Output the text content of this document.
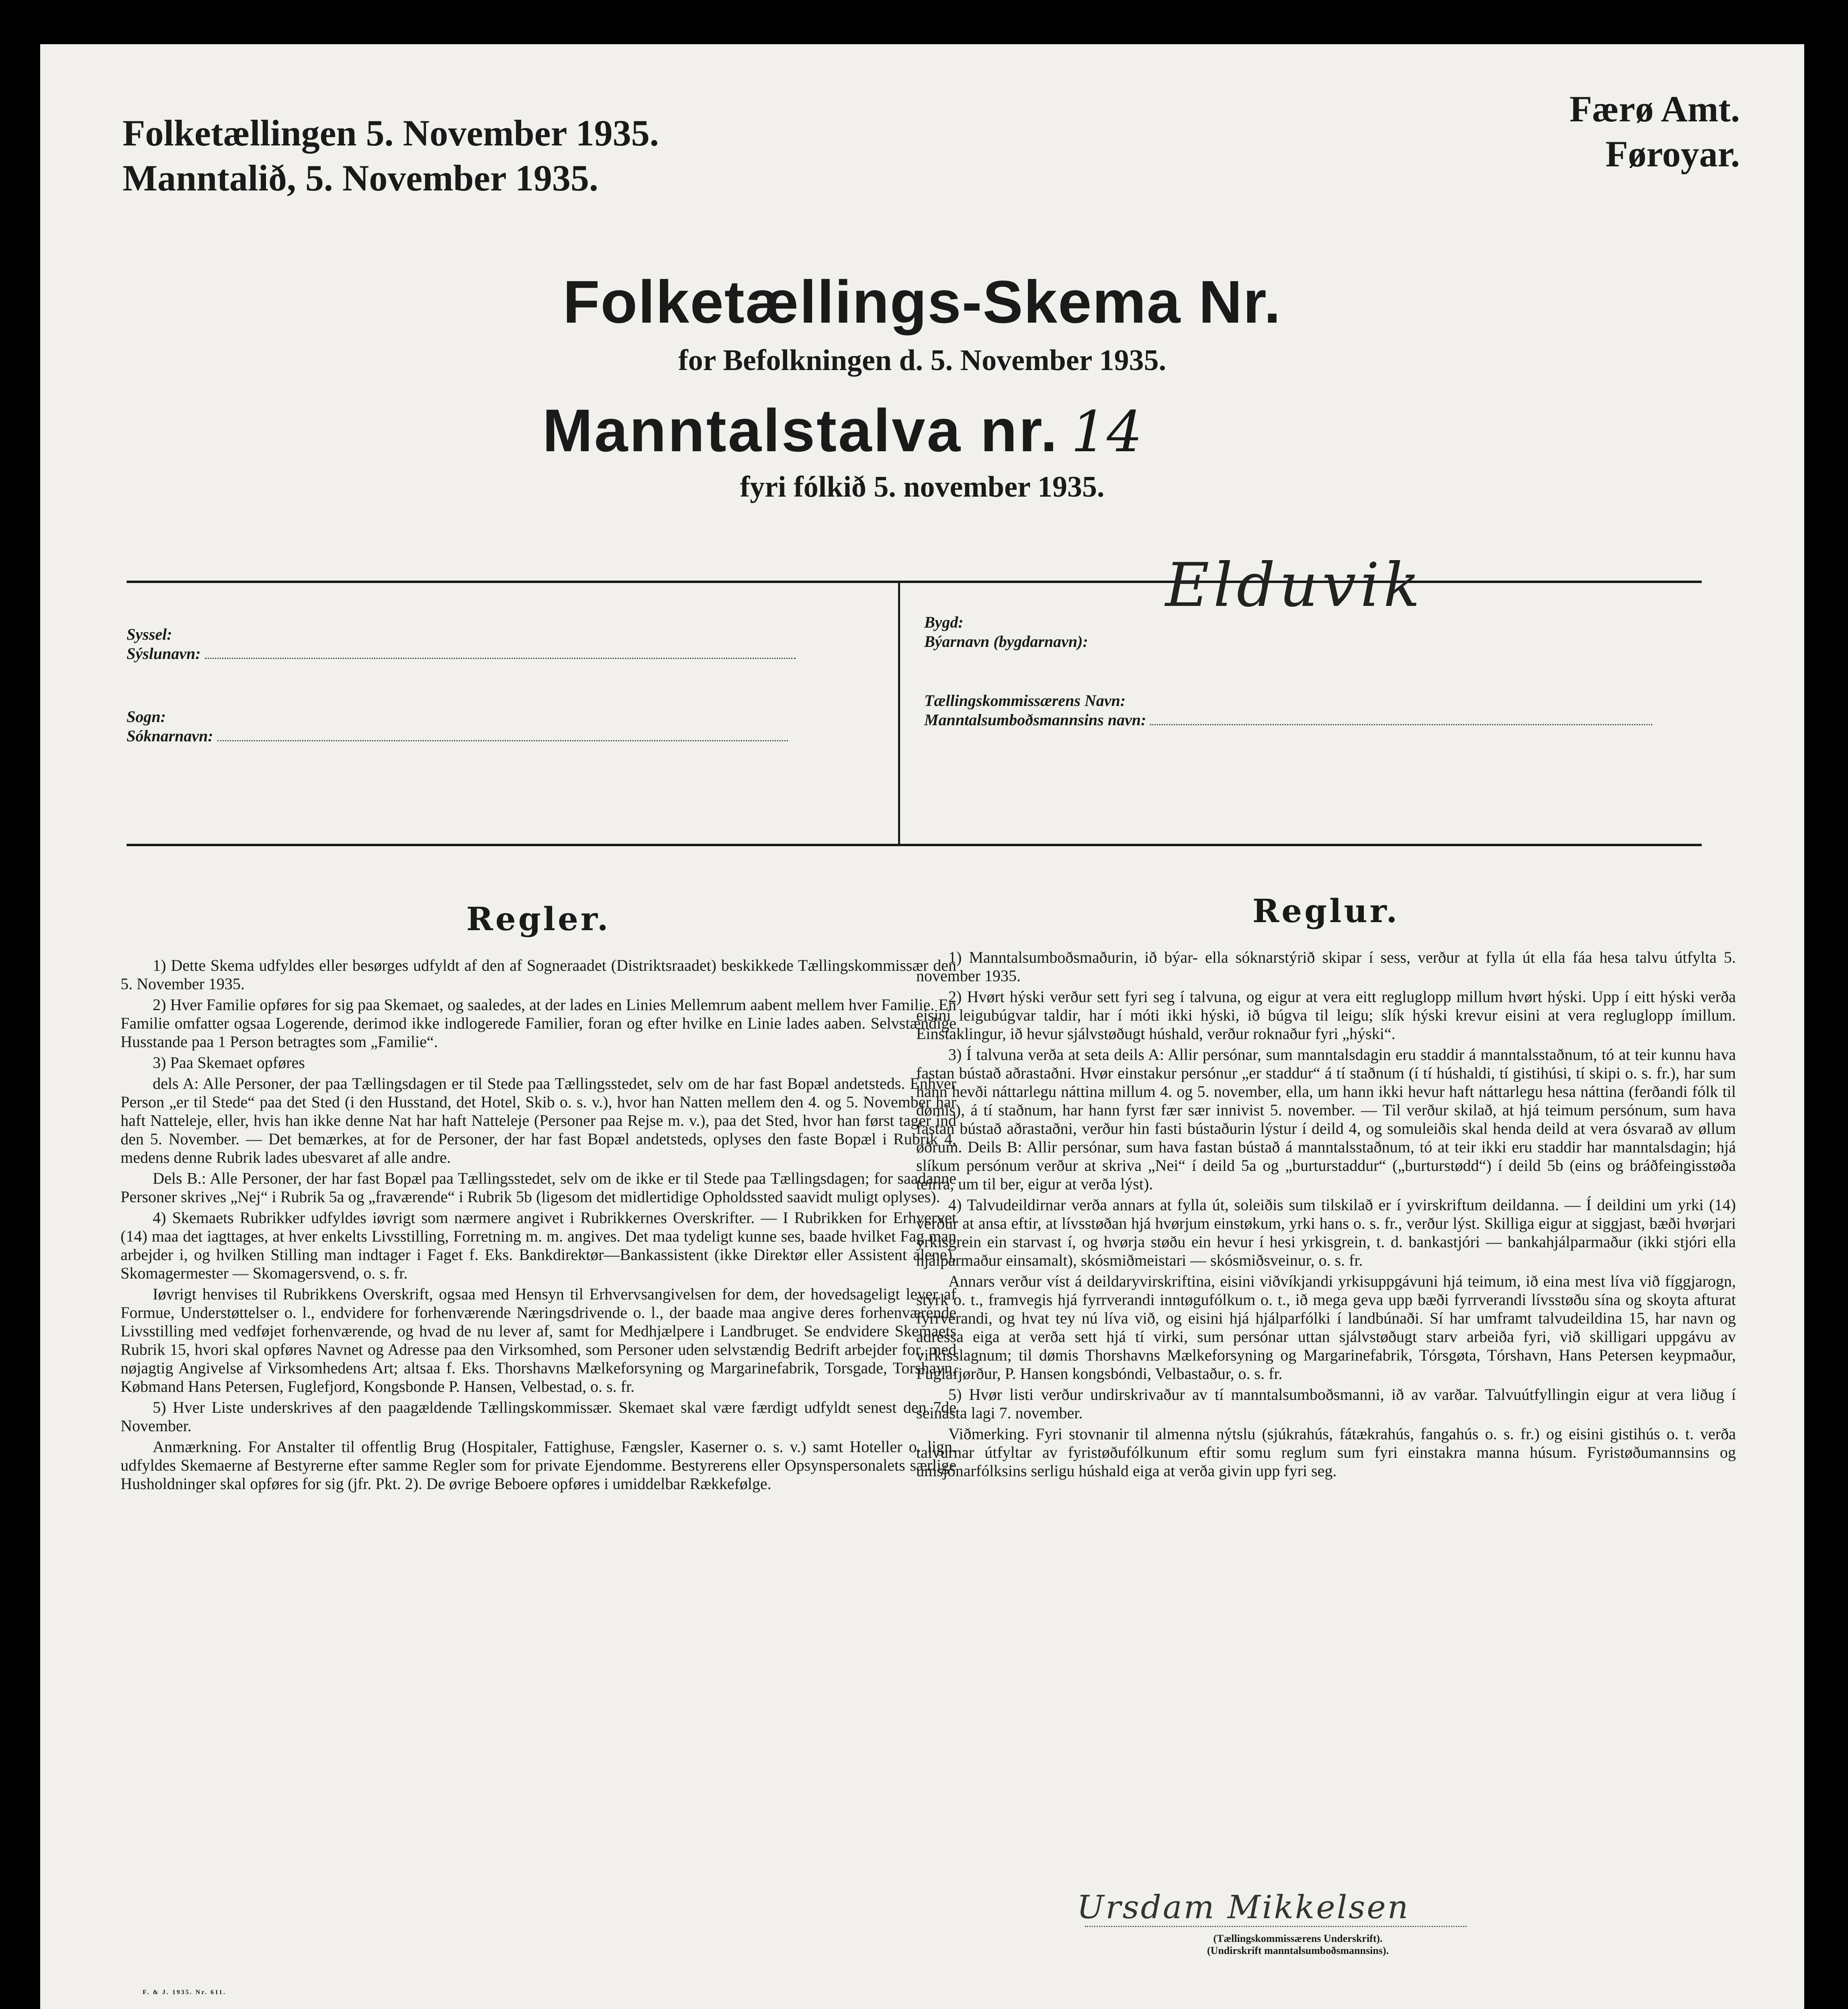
Folketællingen 5. November 1935.
Manntalið, 5. November 1935.
Færø Amt.
Føroyar.
Folketællings-Skema Nr.
for Befolkningen d. 5. November 1935.
Manntalstalva nr. 14
fyri fólkið 5. november 1935.
Syssel:
Sýslunavn:
Sogn:
Sóknarnavn:
Bygd:
Býarnavn (bygdarnavn):
Elduvik
Tællingskommissærens Navn:
Manntalsumboðsmannsins navn:
Regler.

1) Dette Skema udfyldes eller besørges udfyldt af den af Sogneraadet (Distriktsraadet) beskikkede Tællingskommissær den 5. November 1935.

2) Hver Familie opføres for sig paa Skemaet, og saaledes, at der lades en Linies Mellemrum aabent mellem hver Familie. En Familie omfatter ogsaa Logerende, derimod ikke indlogerede Familier, foran og efter hvilke en Linie lades aaben. Selvstændige Husstande paa 1 Person betragtes som „Familie“.

3) Paa Skemaet opføres

dels A: Alle Personer, der paa Tællingsdagen er til Stede paa Tællingsstedet, selv om de har fast Bopæl andetsteds. Enhver Person „er til Stede“ paa det Sted (i den Husstand, det Hotel, Skib o. s. v.), hvor han Natten mellem den 4. og 5. November har haft Natteleje, eller, hvis han ikke denne Nat har haft Natteleje (Personer paa Rejse m. v.), paa det Sted, hvor han først tager ind den 5. November. — Det bemærkes, at for de Personer, der har fast Bopæl andetsteds, oplyses den faste Bopæl i Rubrik 4, medens denne Rubrik lades ubesvaret af alle andre.

Dels B.: Alle Personer, der har fast Bopæl paa Tællingsstedet, selv om de ikke er til Stede paa Tællingsdagen; for saadanne Personer skrives „Nej“ i Rubrik 5a og „fraværende“ i Rubrik 5b (ligesom det midlertidige Opholdssted saavidt muligt oplyses).

4) Skemaets Rubrikker udfyldes iøvrigt som nærmere angivet i Rubrikkernes Overskrifter. — I Rubrikken for Erhvervet (14) maa det iagttages, at hver enkelts Livsstilling, Forretning m. m. angives. Det maa tydeligt kunne ses, baade hvilket Fag man arbejder i, og hvilken Stilling man indtager i Faget f. Eks. Bankdirektør—Bankassistent (ikke Direktør eller Assistent alene), Skomagermester — Skomagersvend, o. s. fr.

Iøvrigt henvises til Rubrikkens Overskrift, ogsaa med Hensyn til Erhvervsangivelsen for dem, der hovedsageligt lever af Formue, Understøttelser o. l., endvidere for forhenværende Næringsdrivende o. l., der baade maa angive deres forhenværende Livsstilling med vedføjet forhenværende, og hvad de nu lever af, samt for Medhjælpere i Landbruget. Se endvidere Skemaets Rubrik 15, hvori skal opføres Navnet og Adresse paa den Virksomhed, som Personer uden selvstændig Bedrift arbejder for, med nøjagtig Angivelse af Virksomhedens Art; altsaa f. Eks. Thorshavns Mælkeforsyning og Margarinefabrik, Torsgade, Torshavn, Købmand Hans Petersen, Fuglefjord, Kongsbonde P. Hansen, Velbestad, o. s. fr.

5) Hver Liste underskrives af den paagældende Tællingskommissær. Skemaet skal være færdigt udfyldt senest den 7de November.

Anmærkning. For Anstalter til offentlig Brug (Hospitaler, Fattighuse, Fængsler, Kaserner o. s. v.) samt Hoteller o. lign. udfyldes Skemaerne af Bestyrerne efter samme Regler som for private Ejendomme. Bestyrerens eller Opsynspersonalets særlige Husholdninger skal opføres for sig (jfr. Pkt. 2). De øvrige Beboere opføres i umiddelbar Rækkefølge.

Reglur.

1) Manntalsumboðsmaðurin, ið býar- ella sóknarstýrið skipar í sess, verður at fylla út ella fáa hesa talvu útfylta 5. november 1935.

2) Hvørt hýski verður sett fyri seg í talvuna, og eigur at vera eitt regluglopp millum hvørt hýski. Upp í eitt hýski verða eisini leigubúgvar taldir, har í móti ikki hýski, ið búgva til leigu; slík hýski krevur eisini at vera regluglopp ímillum. Einstaklingur, ið hevur sjálvstøðugt húshald, verður roknaður fyri „hýski“.

3) Í talvuna verða at seta deils A: Allir persónar, sum manntalsdagin eru staddir á manntalsstaðnum, tó at teir kunnu hava fastan bústað aðrastaðni. Hvør einstakur persónur „er staddur“ á tí staðnum (í tí húshaldi, tí gistihúsi, tí skipi o. s. fr.), har sum hann hevði náttarlegu náttina millum 4. og 5. november, ella, um hann ikki hevur haft náttarlegu hesa náttina (ferðandi fólk til dømis), á tí staðnum, har hann fyrst fær sær innivist 5. november. — Til verður skilað, at hjá teimum persónum, sum hava fastan bústað aðrastaðni, verður hin fasti bústaðurin lýstur í deild 4, og somuleiðis skal henda deild at vera ósvarað av øllum øðrum. Deils B: Allir persónar, sum hava fastan bústað á manntalsstaðnum, tó at teir ikki eru staddir har manntalsdagin; hjá slíkum persónum verður at skriva „Nei“ í deild 5a og „burturstaddur“ („burturstødd“) í deild 5b (eins og bráðfeingisstøða teirra, um til ber, eigur at verða lýst).

4) Talvudeildirnar verða annars at fylla út, soleiðis sum tilskilað er í yvirskriftum deildanna. — Í deildini um yrki (14) verður at ansa eftir, at lívsstøðan hjá hvørjum einstøkum, yrki hans o. s. fr., verður lýst. Skilliga eigur at siggjast, bæði hvørjari yrkisgrein ein starvast í, og hvørja støðu ein hevur í hesi yrkisgrein, t. d. bankastjóri — bankahjálparmaður (ikki stjóri ella hjálparmaður einsamalt), skósmiðmeistari — skósmiðsveinur, o. s. fr.

Annars verður víst á deildaryvirskriftina, eisini viðvíkjandi yrkisuppgávuni hjá teimum, ið eina mest líva við fíggjarogn, styrk o. t., framvegis hjá fyrrverandi inntøgufólkum o. t., ið mega geva upp bæði fyrrverandi lívsstøðu sína og skoyta afturat fyrrverandi, og hvat tey nú líva við, og eisini hjá hjálparfólki í landbúnaði. Sí har umframt talvudeildina 15, har navn og adressa eiga at verða sett hjá tí virki, sum persónar uttan sjálvstøðugt starv arbeiða fyri, við skilligari uppgávu av virkisslagnum; til dømis Thorshavns Mælkeforsyning og Margarinefabrik, Tórsgøta, Tórshavn, Hans Petersen keypmaður, Fuglafjørður, P. Hansen kongsbóndi, Velbastaður, o. s. fr.

5) Hvør listi verður undirskrivaður av tí manntalsumboðsmanni, ið av varðar. Talvuútfyllingin eigur at vera liðug í seinasta lagi 7. november.

Viðmerking. Fyri stovnanir til almenna nýtslu (sjúkrahús, fátækrahús, fangahús o. s. fr.) og eisini gistihús o. t. verða talvurnar útfyltar av fyristøðufólkunum eftir somu reglum sum fyri einstakra manna húsum. Fyristøðumannsins og umsjónarfólksins serligu húshald eiga at verða givin upp fyri seg.

Ursdam Mikkelsen
(Tællingskommissærens Underskrift).
(Undirskrift manntalsumboðsmannsins).
F. & J. 1935. Nr. 611.
